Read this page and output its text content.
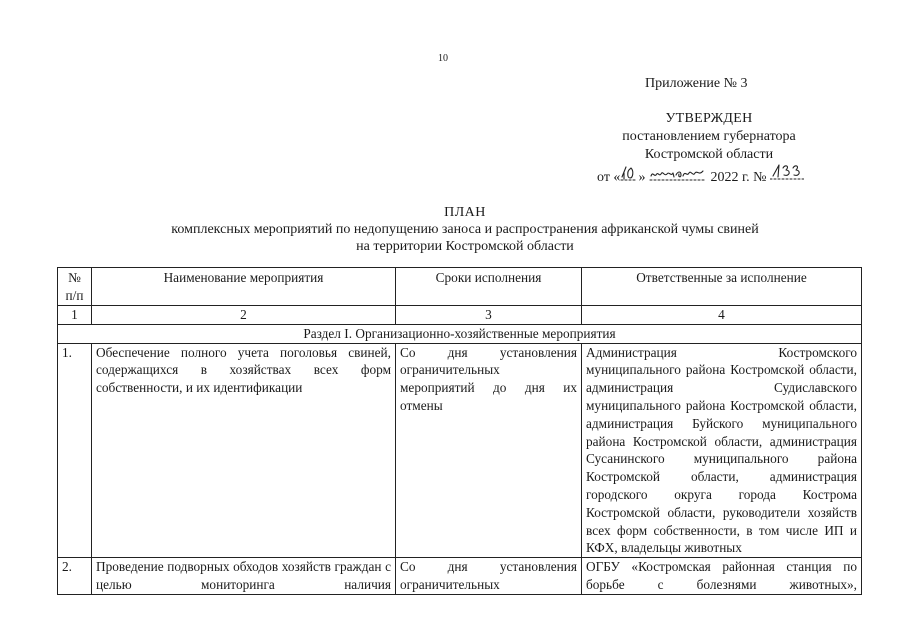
10
Приложение № 3
УТВЕРЖДЕН
постановлением губернатора
Костромской области
от « »	2022 г. №
ПЛАН
комплексных мероприятий по недопущению заноса и распространения африканской чумы свиней
на территории Костромской области
№ п/п	Наименование мероприятия	Сроки исполнения	Ответственные за исполнение
1	2	3	4
Раздел I. Организационно-хозяйственные мероприятия			
1.	Обеспечение полного учета поголовья свиней, содержащихся в хозяйствах всех форм собственности, и их идентификации	Со дня установления ограничительных мероприятий до дня их отмены	Администрация Костромского муниципального района Костромской области, администрация Судиславского муниципального района Костромской области, администрация Буйского муниципального района Костромской области, администрация Сусанинского муниципального района Костромской области, администрация городского округа города Кострома Костромской области, руководители хозяйств всех форм собственности, в том числе ИП и КФХ, владельцы животных
2.	Проведение подворных обходов хозяйств граждан с целью мониторинга наличия	Со дня установления ограничительных	ОГБУ «Костромская районная станция по борьбе с болезнями животных»,
